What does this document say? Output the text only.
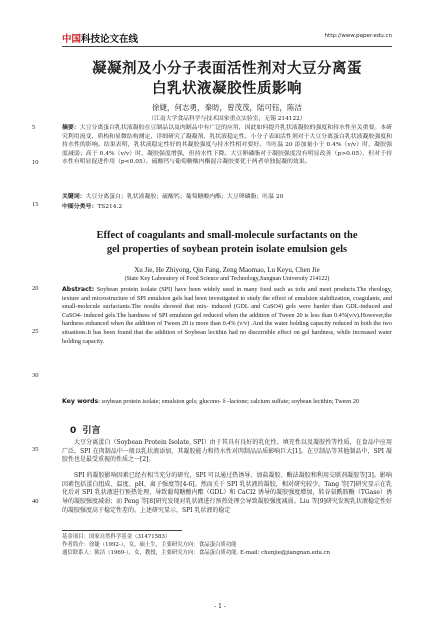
中国科技论文在线	http://www.paper.edu.cn
凝凝剂及小分子表面活性剂对大豆分离蛋
白乳状液凝胶性质影响
徐婕，何志勇，秦昉，曾茂茂，陆可钰，陈洁
（江南大学食品科学与技术国家重点实验室，无锡 214122）
摘要：大豆分离蛋白乳状液凝胶在豆制品以及肉制品中有广泛的应用，因此如何提升乳状液凝胶的强度和持水性至关重要。本研究利用流变、质构和显微结构测定，详细研究了凝凝剂、乳状液稳定性、小分子表面活性剂对于大豆分离蛋白乳状液凝胶强度和持水性的影响。结果表明，乳状液稳定性好的其凝胶强度与持水性相对要好。当吐温 20 添加量小于 0.4%（v/v）时，凝胶强度减弱；高于 0.4%（v/v）时，凝胶强度增强，但持水性下降。大豆卵磷脂对于凝胶强度没有明显改善（p>0.05），但对于持水性有明显促进作用（p<0.05）。硫酸钙与葡萄糖酸内酯混合凝胶要优于两者单独促凝的效果。
关键词：大豆分离蛋白；乳状液凝胶；硫酸钙；葡萄糖酸内酯；大豆卵磷脂；吐温 20
中图分类号：TS214.2
Effect of coagulants and small-molecule surfactants on the
gel properties of soybean protein isolate emulsion gels
Xu Jie, He Zhiyong, Qin Fang, Zeng Maomao, Lu Keyu, Chen Jie
(State Key Laboratory of Food Science and Technology,Jiangnan University 214122)
Abstract: Soybean protein isolate (SPI) have been widely used in many food such as tofu and meet products.The rheology, texture and microstructure of SPI emulsion gels had been investigated to study the effect of emulsion stabilization, coagulants, and small-molecule surfactants.The results showed that mix- induced (GDL and CaSO4) gels were harder than GDL-induced and CaSO4- induced gels.The hardness of SPI emulsion gel reduced when the addition of Tween 20 is less than 0.4%(v/v).However,the hardness enhanced when the addition of Tween 20 is more than 0.4% (v/v) .And the water holding capacity reduced in both the two situations.It has been found that the addition of Soybean lecithin had no discernible effect on gel hardness, while increased water holding capacity.
Key words: soybean protein isolate; emulsion gels; glucono- δ -lactone; calcium sulfate; soybean lecithin; Tween 20
0 引言
大豆分离蛋白（Soybean Protein Isolate, SPI）由于其具有良好的乳化性、填充性以及凝胶性等性质，在食品中应用广泛。SPI 在肉制品中一般以乳状液添加，其凝胶能力和持水性对肉制品品质影响巨大[1]。在豆制品等其他制品中，SPI 凝胶性也是最受重视的性质之一[2]。
SPI 的凝胶影响因素已经有相当充分的研究，SPI 可以通过热诱导、加盐凝胶、酶法凝胶和利用交联剂凝胶等[3]。影响因素包括蛋白组成、温度、pH、离子强度等[4-6]。然而关于 SPI 乳状液的凝胶，相对研究较少。Tang 等[7]研究显示在乳化后对 SPI 乳状液进行预热处理，导致葡萄糖酸内酯（GDL）和 CaCl2 诱导的凝胶强度增加，转谷氨酰胺酶（TGase）诱导的凝胶强度减弱；而 Peng 等[8]研究发现对乳状液进行预热处理会导致凝胶强度减弱。Liu 等[9]研究发现乳状液稳定性好的凝胶强度高于稳定性差的。上述研究显示，SPI 乳状液的稳定
5
10
15
20
25
30
35
40
基金项目：国家自然科学基金（31471583）
作者简介：徐婕（1992-），女，硕士生，主要研究方向：食品蛋白质功能
通信联系人：陈洁（1969-），女，教授，主要研究方向：食品蛋白质功能. E-mail: chenjie@jiangnan.edu.cn
- 1 -
